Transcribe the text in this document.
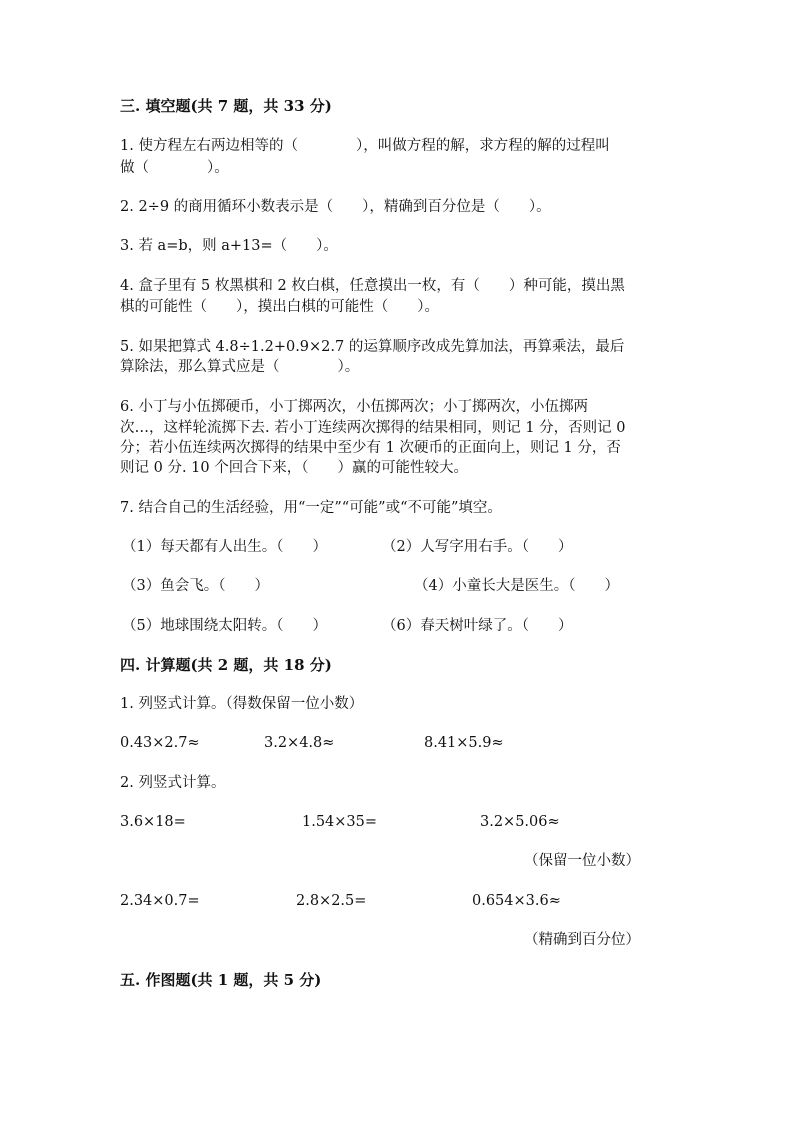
三. 填空题(共 7 题，共 33 分)
1. 使方程左右两边相等的（　　　　），叫做方程的解，求方程的解的过程叫
做（　　　　）。
2. 2÷9 的商用循环小数表示是（　　），精确到百分位是（　　）。
3. 若 a=b，则 a+13=（　　）。
4. 盒子里有 5 枚黑棋和 2 枚白棋，任意摸出一枚，有（　　）种可能，摸出黑
棋的可能性（　　），摸出白棋的可能性（　　）。
5. 如果把算式 4.8÷1.2+0.9×2.7 的运算顺序改成先算加法，再算乘法，最后
算除法，那么算式应是（　　　　）。
6. 小丁与小伍掷硬币，小丁掷两次，小伍掷两次；小丁掷两次，小伍掷两
次…，这样轮流掷下去. 若小丁连续两次掷得的结果相同，则记 1 分，否则记 0
分；若小伍连续两次掷得的结果中至少有 1 次硬币的正面向上，则记 1 分，否
则记 0 分. 10 个回合下来，（　　）赢的可能性较大。
7. 结合自己的生活经验，用“一定”“可能”或“不可能”填空。
（1）每天都有人出生。（　　）	（2）人写字用右手。（　　）
（3）鱼会飞。（　　）	（4）小童长大是医生。（　　）
（5）地球围绕太阳转。（　　）	（6）春天树叶绿了。（　　）
四. 计算题(共 2 题，共 18 分)
1. 列竖式计算。（得数保留一位小数）
0.43×2.7≈	3.2×4.8≈	8.41×5.9≈
2. 列竖式计算。
3.6×18=	1.54×35=	3.2×5.06≈
（保留一位小数）
2.34×0.7=	2.8×2.5=	0.654×3.6≈
（精确到百分位）
五. 作图题(共 1 题，共 5 分)
